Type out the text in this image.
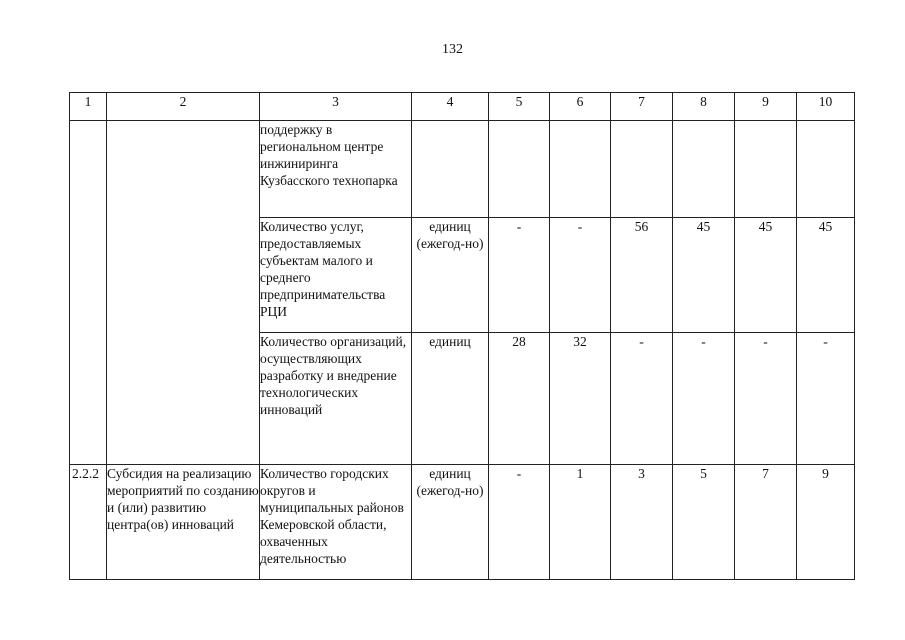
132
1	2	3	4	5	6	7	8	9	10
		поддержку в региональном центре инжиниринга Кузбасского технопарка							
		Количество услуг, предоставляемых субъектам малого и среднего предпринимательства РЦИ	единиц (ежегод-но)	-	-	56	45	45	45
		Количество организаций, осуществляющих разработку и внедрение технологических инноваций	единиц	28	32	-	-	-	-
2.2.2	Субсидия на реализацию мероприятий по созданию и (или) развитию центра(ов) инноваций	Количество городских округов и муниципальных районов Кемеровской области, охваченных деятельностью	единиц (ежегод-но)	-	1	3	5	7	9
